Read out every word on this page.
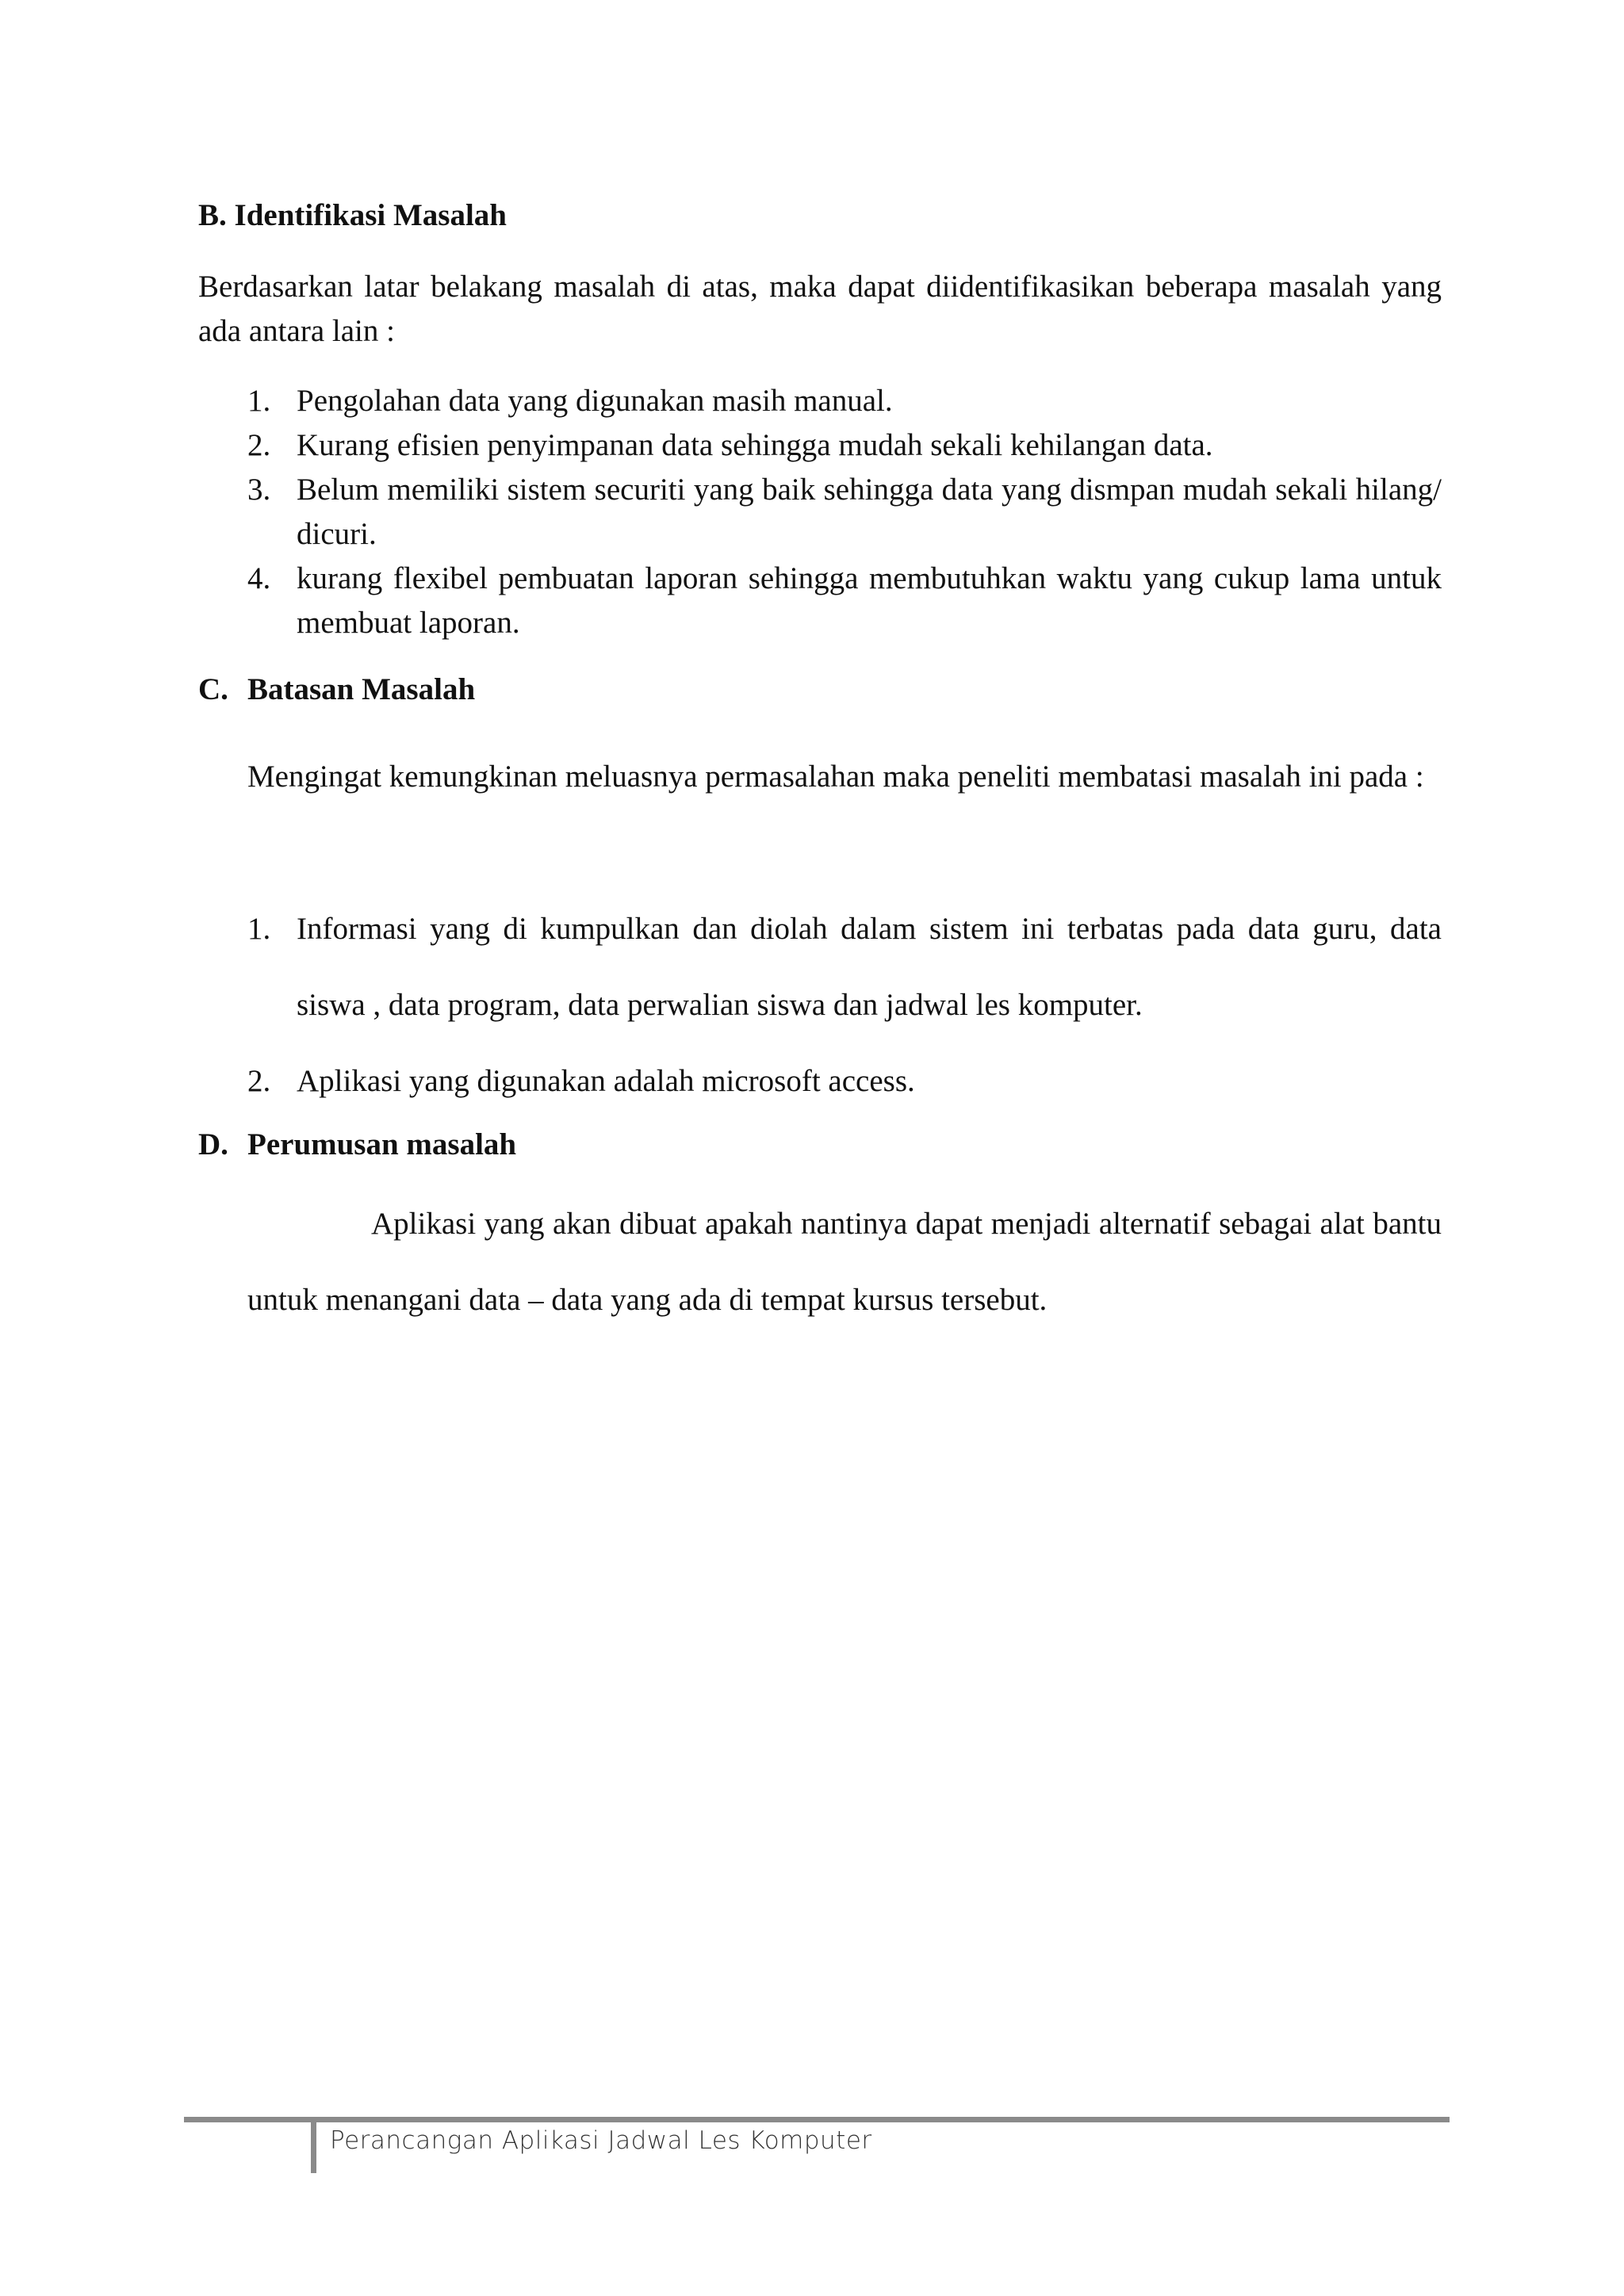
B. Identifikasi Masalah

Berdasarkan latar belakang masalah di atas, maka dapat diidentifikasikan beberapa masalah yang ada antara lain :

1. Pengolahan data yang digunakan masih manual.
2. Kurang efisien penyimpanan data sehingga mudah sekali kehilangan data.
3. Belum memiliki sistem securiti yang baik sehingga data yang dismpan mudah sekali hilang/ dicuri.
4. kurang flexibel pembuatan laporan sehingga membutuhkan waktu yang cukup lama untuk membuat laporan.
C. Batasan Masalah

Mengingat kemungkinan meluasnya permasalahan maka peneliti membatasi masalah ini pada :

1. Informasi yang di kumpulkan dan diolah dalam sistem ini terbatas pada data guru, data siswa , data program, data perwalian siswa dan jadwal les komputer.
2. Aplikasi yang digunakan adalah microsoft access.
D. Perumusan masalah

Aplikasi yang akan dibuat apakah nantinya dapat menjadi alternatif sebagai alat bantu untuk menangani data – data yang ada di tempat kursus tersebut.

Perancangan Aplikasi Jadwal Les Komputer
